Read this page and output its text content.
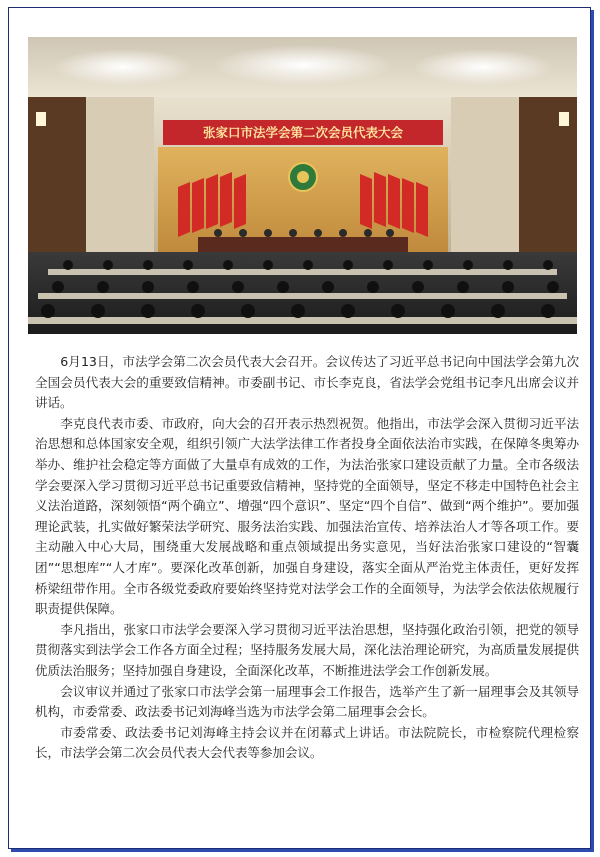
张家口市法学会第二次会员代表大会

6月13日，市法学会第二次会员代表大会召开。会议传达了习近平总书记向中国法学会第九次全国会员代表大会的重要致信精神。市委副书记、市长李克良，省法学会党组书记李凡出席会议并讲话。

李克良代表市委、市政府，向大会的召开表示热烈祝贺。他指出，市法学会深入贯彻习近平法治思想和总体国家安全观，组织引领广大法学法律工作者投身全面依法治市实践，在保障冬奥筹办举办、维护社会稳定等方面做了大量卓有成效的工作，为法治张家口建设贡献了力量。全市各级法学会要深入学习贯彻习近平总书记重要致信精神，坚持党的全面领导，坚定不移走中国特色社会主义法治道路，深刻领悟“两个确立”、增强“四个意识”、坚定“四个自信”、做到“两个维护”。要加强理论武装，扎实做好繁荣法学研究、服务法治实践、加强法治宣传、培养法治人才等各项工作。要主动融入中心大局，围绕重大发展战略和重点领域提出务实意见，当好法治张家口建设的“智囊团”“思想库”“人才库”。要深化改革创新，加强自身建设，落实全面从严治党主体责任，更好发挥桥梁纽带作用。全市各级党委政府要始终坚持党对法学会工作的全面领导，为法学会依法依规履行职责提供保障。

李凡指出，张家口市法学会要深入学习贯彻习近平法治思想，坚持强化政治引领，把党的领导贯彻落实到法学会工作各方面全过程；坚持服务发展大局，深化法治理论研究，为高质量发展提供优质法治服务；坚持加强自身建设，全面深化改革，不断推进法学会工作创新发展。

会议审议并通过了张家口市法学会第一届理事会工作报告，选举产生了新一届理事会及其领导机构，市委常委、政法委书记刘海峰当选为市法学会第二届理事会会长。

市委常委、政法委书记刘海峰主持会议并在闭幕式上讲话。市法院院长，市检察院代理检察长，市法学会第二次会员代表大会代表等参加会议。
